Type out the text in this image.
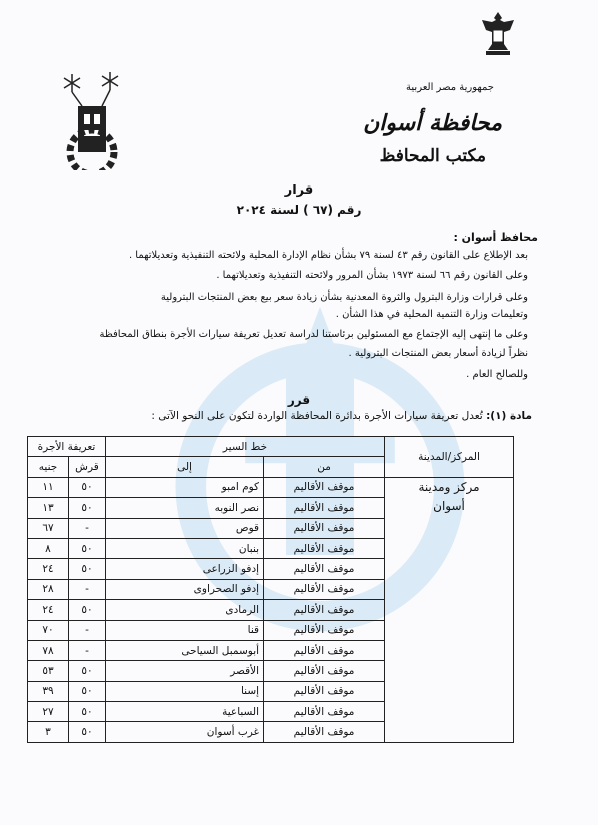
جمهورية مصر العربية
محافظة أسوان
مكتب المحافظ
قرار
رقم (٦٧ ) لسنة ٢٠٢٤
محافظ أسوان :
بعد الإطلاع على القانون رقم ٤٣ لسنة ٧٩ بشأن نظام الإدارة المحلية ولائحته التنفيذية وتعديلاتهما .
وعلى القانون رقم ٦٦ لسنة ١٩٧٣ بشأن المرور ولائحته التنفيذية وتعديلاتهما .
وعلى قرارات وزارة البترول والثروة المعدنية بشأن زيادة سعر بيع بعض المنتجات البترولية
وتعليمات وزارة التنمية المحلية في هذا الشأن .
وعلى ما إنتهى إليه الإجتماع مع المسئولين برئاستنا لدراسة تعديل تعريفة سيارات الأجرة بنطاق المحافظة
نظراً لزيادة أسعار بعض المنتجات البترولية .
وللصالح العام .
قرر
مادة (١): تُعدل تعريفة سيارات الأجرة بدائرة المحافظة الواردة لتكون على النحو الآتى :
المركز/المدينة	خط السير		تعريفة الأجرة	
	من	إلى	قرش	جنيه

مركز ومدينة
أسوان	موقف الأقاليم	كوم امبو	٥٠	١١
	موقف الأقاليم	نصر النوبه	٥٠	١٣
	موقف الأقاليم	قوص	-	٦٧
	موقف الأقاليم	بنبان	٥٠	٨
	موقف الأقاليم	إدفو الزراعى	٥٠	٢٤
	موقف الأقاليم	إدفو الصحراوى	-	٢٨
	موقف الأقاليم	الرمادى	٥٠	٢٤
	موقف الأقاليم	قنا	-	٧٠
	موقف الأقاليم	أبوسمبل السياحى	-	٧٨
	موقف الأقاليم	الأقصر	٥٠	٥٣
	موقف الأقاليم	إسنا	٥٠	٣٩
	موقف الأقاليم	السباعية	٥٠	٢٧
	موقف الأقاليم	غرب أسوان	٥٠	٣
